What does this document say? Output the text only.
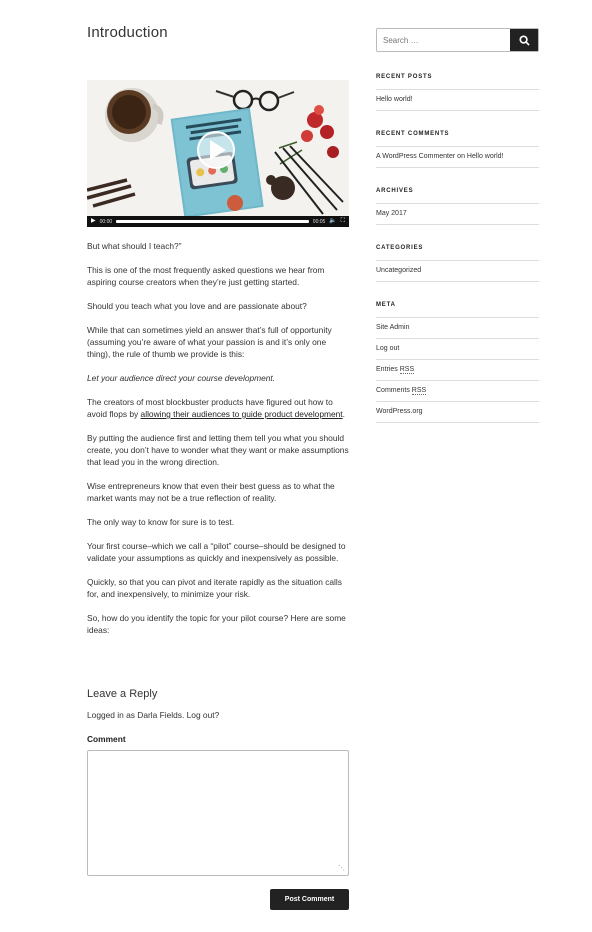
Introduction
▶ 00:00	00:05 🔈 ⛶

But what should I teach?”

This is one of the most frequently asked questions we hear from aspiring course creators when they’re just getting started.

Should you teach what you love and are passionate about?

While that can sometimes yield an answer that’s full of opportunity (assuming you’re aware of what your passion is and it’s only one thing), the rule of thumb we provide is this:

Let your audience direct your course development.

The creators of most blockbuster products have figured out how to avoid flops by allowing their audiences to guide product development.

By putting the audience first and letting them tell you what you should create, you don’t have to wonder what they want or make assumptions that lead you in the wrong direction.

Wise entrepreneurs know that even their best guess as to what the market wants may not be a true reflection of reality.

The only way to know for sure is to test.

Your first course–which we call a “pilot” course–should be designed to validate your assumptions as quickly and inexpensively as possible.

Quickly, so that you can pivot and iterate rapidly as the situation calls for, and inexpensively, to minimize your risk.

So, how do you identify the topic for your pilot course? Here are some ideas:

Leave a Reply
Logged in as Darla Fields. Log out?
Comment
⋱
Post Comment
Search …
RECENT POSTS
Hello world!
RECENT COMMENTS
A WordPress Commenter on Hello world!
ARCHIVES
May 2017
CATEGORIES
Uncategorized
META
Site Admin
Log out
Entries RSS
Comments RSS
WordPress.org
